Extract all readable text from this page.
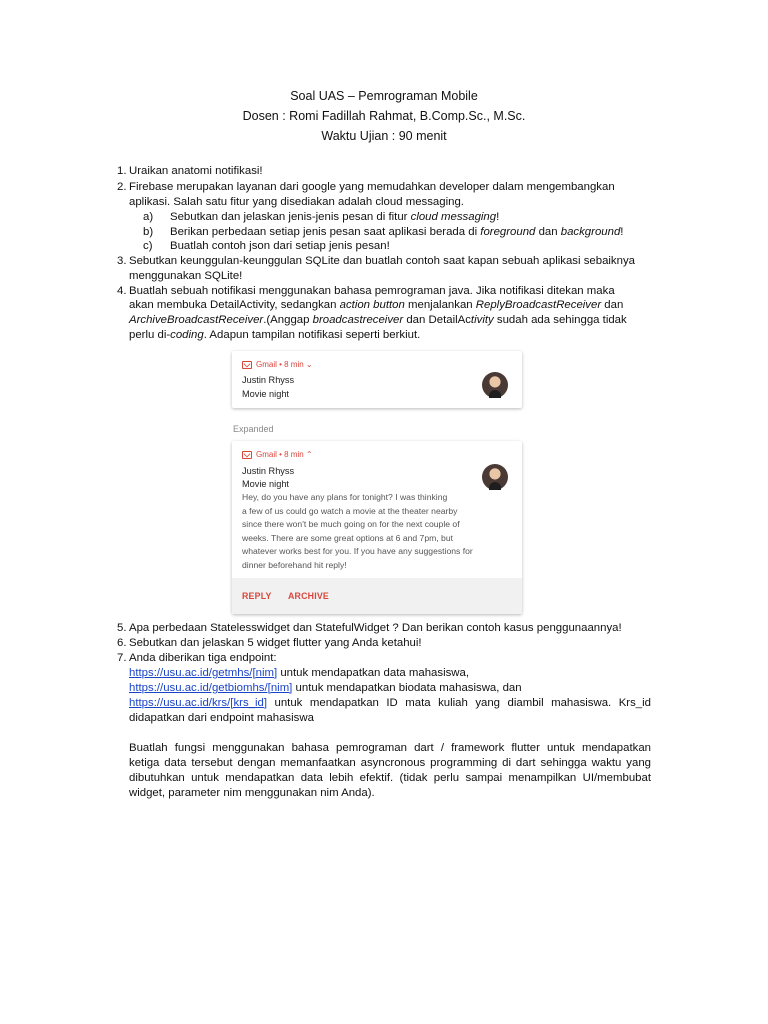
Soal UAS – Pemrograman Mobile
Dosen : Romi Fadillah Rahmat, B.Comp.Sc., M.Sc.
Waktu Ujian : 90 menit
1. Uraikan anatomi notifikasi!
2. Firebase merupakan layanan dari google yang memudahkan developer dalam mengembangkan
aplikasi. Salah satu fitur yang disediakan adalah cloud messaging.
a) Sebutkan dan jelaskan jenis-jenis pesan di fitur cloud messaging!
b) Berikan perbedaan setiap jenis pesan saat aplikasi berada di foreground dan background!
c) Buatlah contoh json dari setiap jenis pesan!
3. Sebutkan keunggulan-keunggulan SQLite dan buatlah contoh saat kapan sebuah aplikasi sebaiknya
menggunakan SQLite!
4. Buatlah sebuah notifikasi menggunakan bahasa pemrograman java. Jika notifikasi ditekan maka
akan membuka DetailActivity, sedangkan action button menjalankan ReplyBroadcastReceiver dan
ArchiveBroadcastReceiver.(Anggap broadcastreceiver dan DetailActivity sudah ada sehingga tidak
perlu di-coding. Adapun tampilan notifikasi seperti berkiut.
Gmail • 8 min ⌄
Justin Rhyss
Movie night
Expanded
Gmail • 8 min ⌃
Justin Rhyss
Movie night
Hey, do you have any plans for tonight? I was thinking
a few of us could go watch a movie at the theater nearby
since there won't be much going on for the next couple of
weeks. There are some great options at 6 and 7pm, but
whatever works best for you. If you have any suggestions for
dinner beforehand hit reply!
REPLY ARCHIVE
5. Apa perbedaan Statelesswidget dan StatefulWidget ? Dan berikan contoh kasus penggunaannya!
6. Sebutkan dan jelaskan 5 widget flutter yang Anda ketahui!
7. Anda diberikan tiga endpoint:
https://usu.ac.id/getmhs/[nim] untuk mendapatkan data mahasiswa,
https://usu.ac.id/getbiomhs/[nim] untuk mendapatkan biodata mahasiswa, dan
https://usu.ac.id/krs/[krs_id] untuk mendapatkan ID mata kuliah yang diambil mahasiswa. Krs_id
didapatkan dari endpoint mahasiswa
Buatlah fungsi menggunakan bahasa pemrograman dart / framework flutter untuk mendapatkan
ketiga data tersebut dengan memanfaatkan asyncronous programming di dart sehingga waktu yang
dibutuhkan untuk mendapatkan data lebih efektif. (tidak perlu sampai menampilkan UI/membubat
widget, parameter nim menggunakan nim Anda).
